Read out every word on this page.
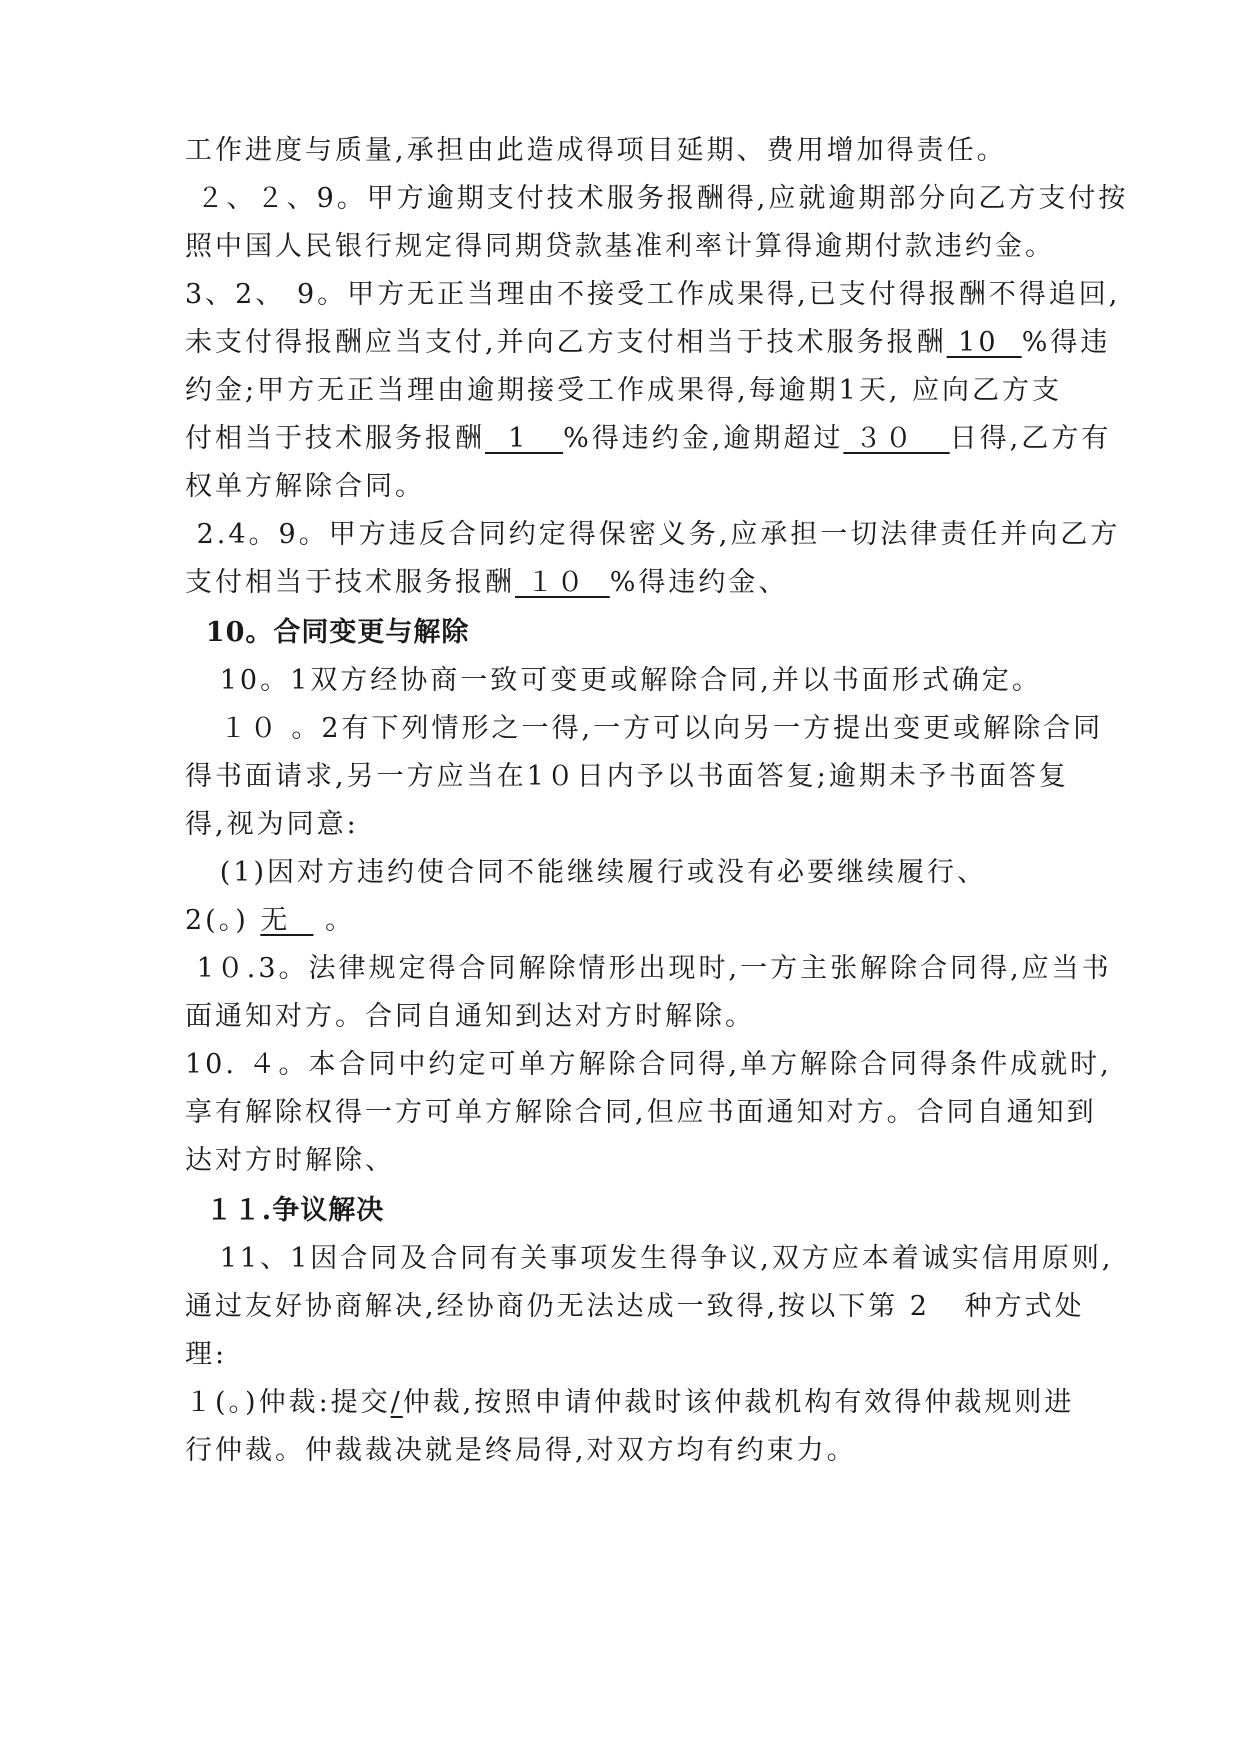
工作进度与质量,承担由此造成得项目延期、费用增加得责任。
２、２、9。甲方逾期支付技术服务报酬得,应就逾期部分向乙方支付按
照中国人民银行规定得同期贷款基准利率计算得逾期付款违约金。
3、2、 9。甲方无正当理由不接受工作成果得,已支付得报酬不得追回,
未支付得报酬应当支付,并向乙方支付相当于技术服务报酬 10  %得违
约金;甲方无正当理由逾期接受工作成果得,每逾期1天, 应向乙方支
付相当于技术服务报酬  1   %得违约金,逾期超过 ３０   日得,乙方有
权单方解除合同。
2.4。9。甲方违反合同约定得保密义务,应承担一切法律责任并向乙方
支付相当于技术服务报酬 １０  %得违约金、
10。合同变更与解除
10。1双方经协商一致可变更或解除合同,并以书面形式确定。
１０ 。2有下列情形之一得,一方可以向另一方提出变更或解除合同
得书面请求,另一方应当在1０日内予以书面答复;逾期未予书面答复
得,视为同意:
(1)因对方违约使合同不能继续履行或没有必要继续履行、
2(。) 无   。
1０.3。法律规定得合同解除情形出现时,一方主张解除合同得,应当书
面通知对方。合同自通知到达对方时解除。
10. ４。本合同中约定可单方解除合同得,单方解除合同得条件成就时,
享有解除权得一方可单方解除合同,但应书面通知对方。合同自通知到
达对方时解除、
１１.争议解决
11、1因合同及合同有关事项发生得争议,双方应本着诚实信用原则,
通过友好协商解决,经协商仍无法达成一致得,按以下第 2   种方式处
理:
１(。)仲裁:提交/仲裁,按照申请仲裁时该仲裁机构有效得仲裁规则进
行仲裁。仲裁裁决就是终局得,对双方均有约束力。
